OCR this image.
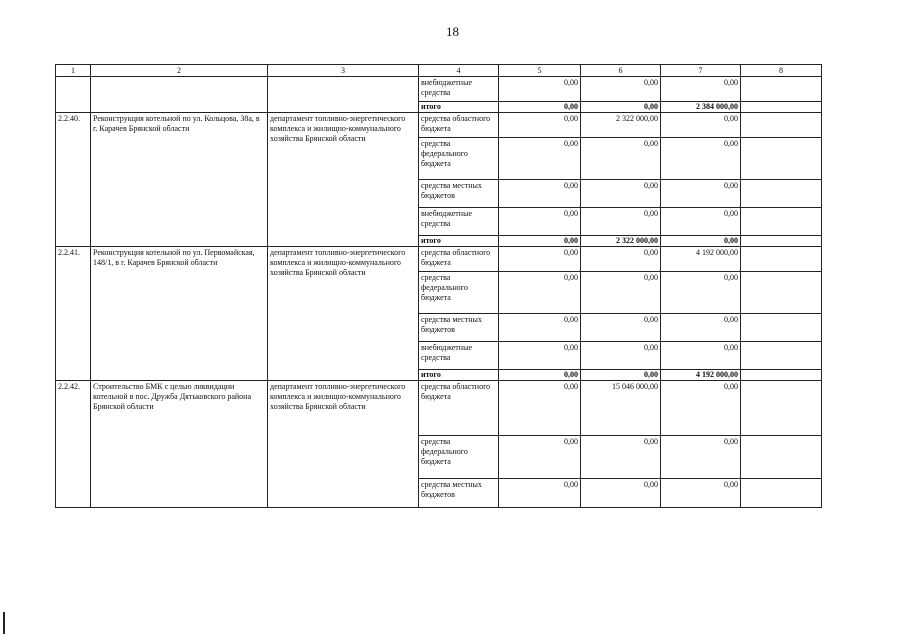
18
1	2	3	4	5	6	7	8
			внебюджетные средства	0,00	0,00	0,00	
			итого	0,00	0,00	2 384 000,00	
2.2.40.	Реконструкция котельной по ул. Кольцова, 38а, в г. Карачев Брянской области	департамент топливно-энергетического комплекса и жилищно-коммунального хозяйства Брянской области	средства областного бюджета	0,00	2 322 000,00	0,00	
			средства федерального бюджета	0,00	0,00	0,00	
			средства местных бюджетов	0,00	0,00	0,00	
			внебюджетные средства	0,00	0,00	0,00	
			итого	0,00	2 322 000,00	0,00	
2.2.41.	Реконструкция котельной по ул. Первомайская, 148/1, в г. Карачев Брянской области	департамент топливно-энергетического комплекса и жилищно-коммунального хозяйства Брянской области	средства областного бюджета	0,00	0,00	4 192 000,00	
			средства федерального бюджета	0,00	0,00	0,00	
			средства местных бюджетов	0,00	0,00	0,00	
			внебюджетные средства	0,00	0,00	0,00	
			итого	0,00	0,00	4 192 000,00	
2.2.42.	Строительство БМК с целью ликвидации котельной в пос. Дружба Дятьковского района Брянской области	департамент топливно-энергетического комплекса и жилищно-коммунального хозяйства Брянской области	средства областного бюджета	0,00	15 046 000,00	0,00	
			средства федерального бюджета	0,00	0,00	0,00	
			средства местных бюджетов	0,00	0,00	0,00	
